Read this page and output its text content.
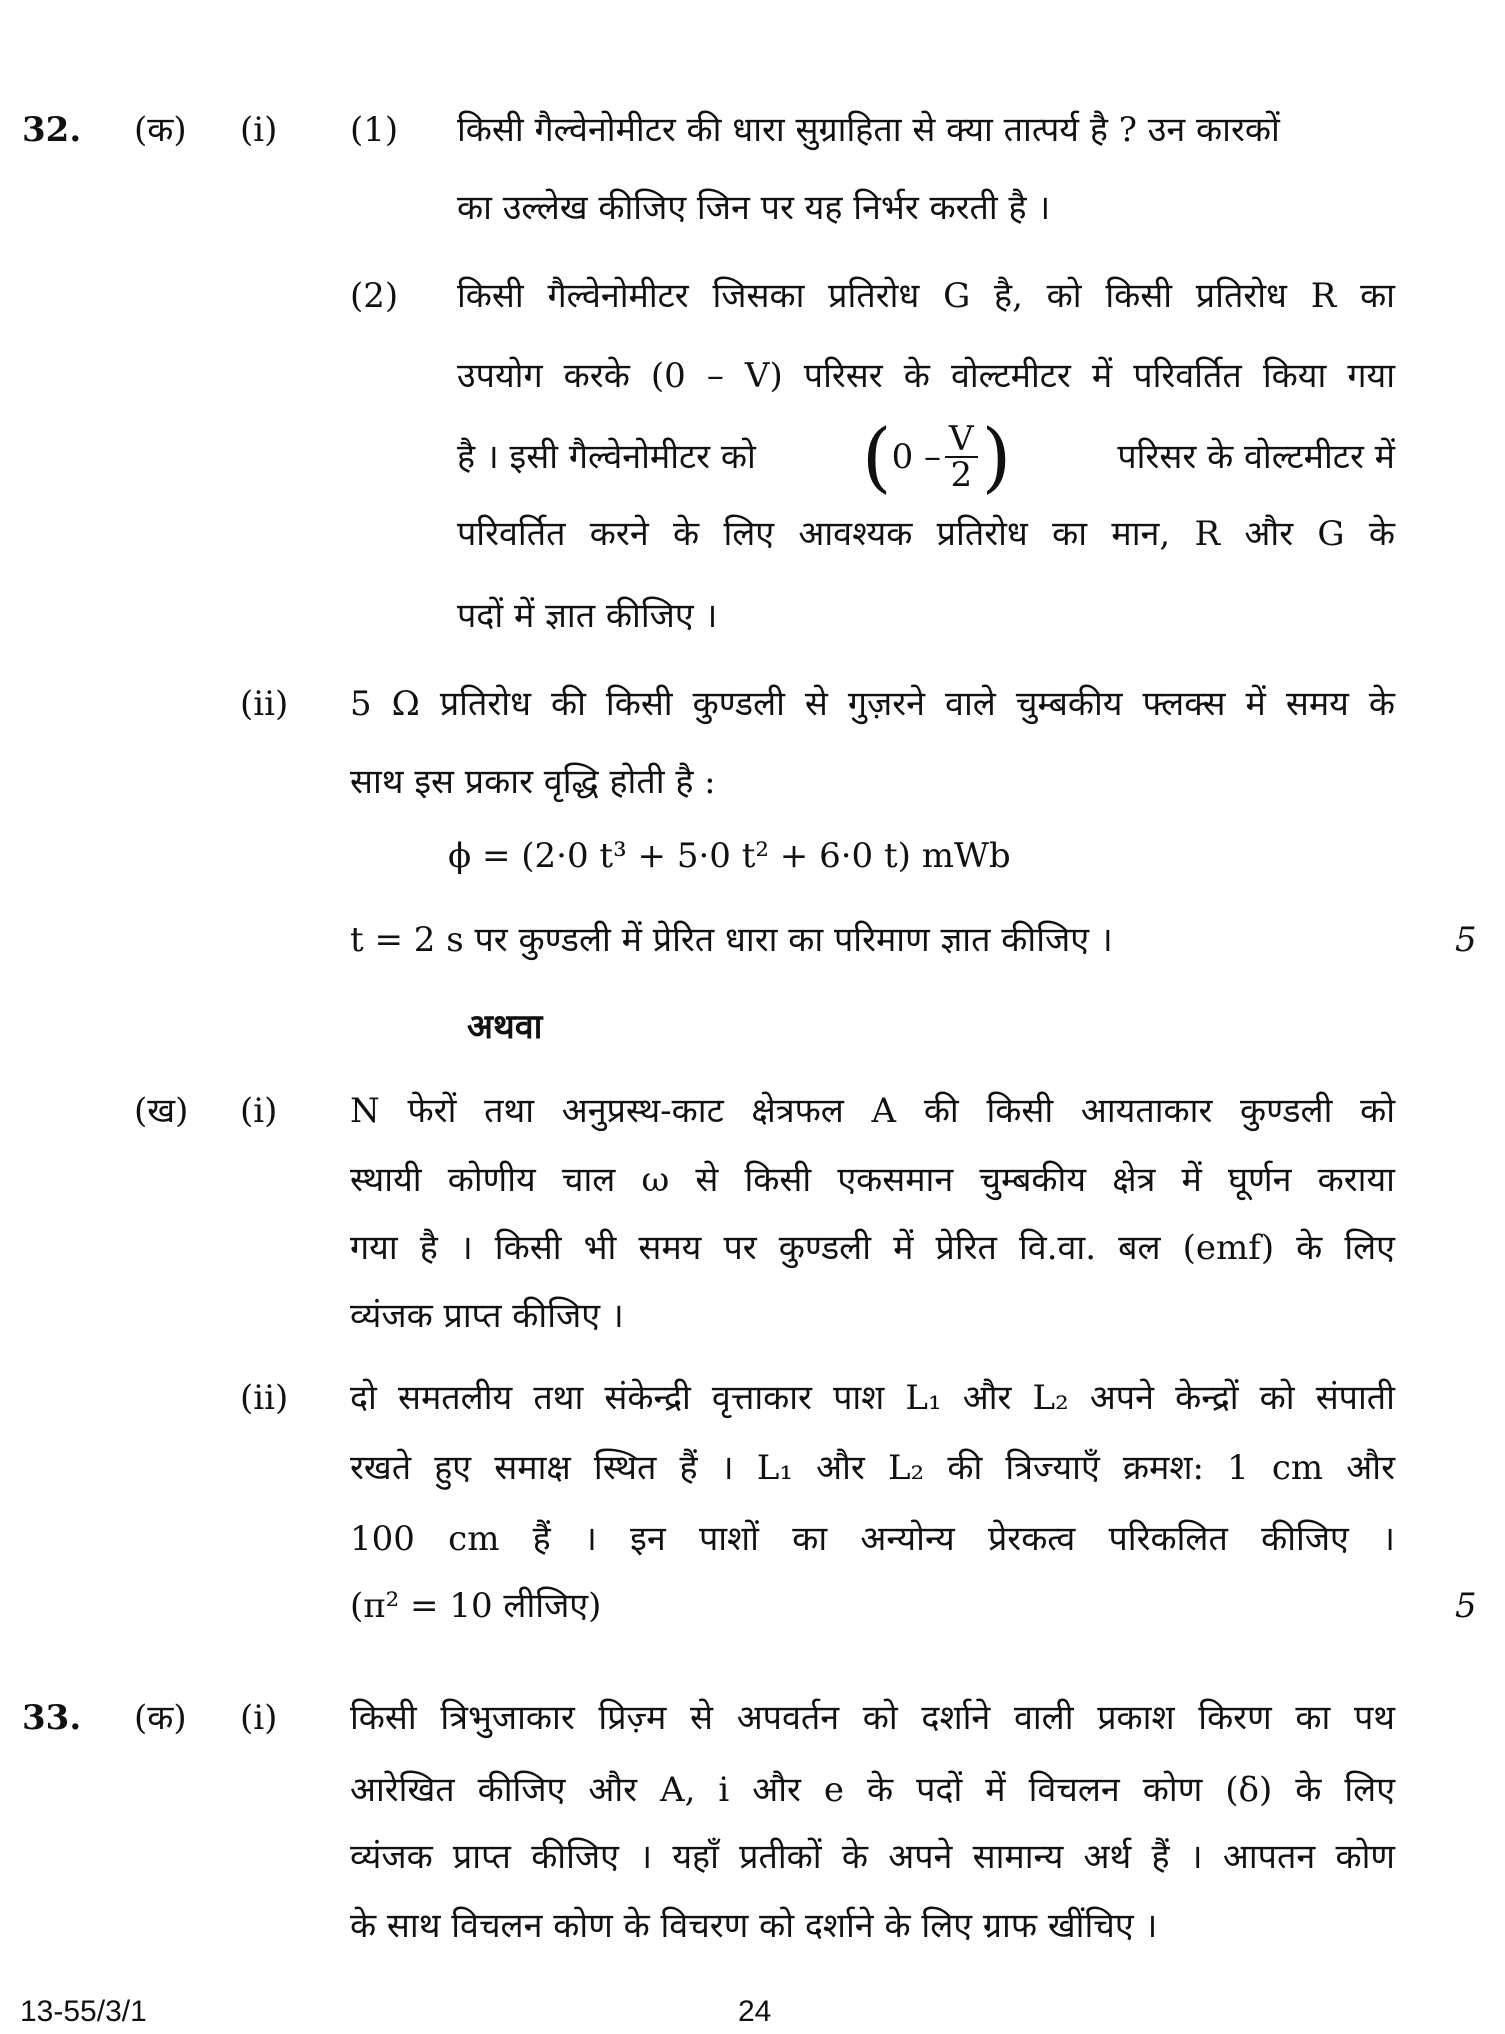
32. (क) (i) (1) किसी गैल्वेनोमीटर की धारा सुग्राहिता से क्या तात्पर्य है ? उन कारकों
का उल्लेख कीजिए जिन पर यह निर्भर करती है ।
(2) किसी गैल्वेनोमीटर जिसका प्रतिरोध G है, को किसी प्रतिरोध R का
उपयोग करके (0 – V) परिसर के वोल्टमीटर में परिवर्तित किया गया
है । इसी गैल्वेनोमीटर को ( $0 - \frac{V}{2}$ )	परिसर के वोल्टमीटर में
परिवर्तित करने के लिए आवश्यक प्रतिरोध का मान, R और G के
पदों में ज्ञात कीजिए ।
(ii) 5 Ω प्रतिरोध की किसी कुण्डली से गुज़रने वाले चुम्बकीय फ्लक्स में समय के
साथ इस प्रकार वृद्धि होती है :
ϕ = (2·0 t³ + 5·0 t² + 6·0 t) mWb
t = 2 s पर कुण्डली में प्रेरित धारा का परिमाण ज्ञात कीजिए ।	5
अथवा
(ख) (i) N फेरों तथा अनुप्रस्थ-काट क्षेत्रफल A की किसी आयताकार कुण्डली को
स्थायी कोणीय चाल ω से किसी एकसमान चुम्बकीय क्षेत्र में घूर्णन कराया
गया है । किसी भी समय पर कुण्डली में प्रेरित वि.वा. बल (emf) के लिए
व्यंजक प्राप्त कीजिए ।
(ii) दो समतलीय तथा संकेन्द्री वृत्ताकार पाश L₁ और L₂ अपने केन्द्रों को संपाती
रखते हुए समाक्ष स्थित हैं । L₁ और L₂ की त्रिज्याएँ क्रमश: 1 cm और
100 cm हैं । इन पाशों का अन्योन्य प्रेरकत्व परिकलित कीजिए ।
(π² = 10 लीजिए)	5
33. (क) (i) किसी त्रिभुजाकार प्रिज़्म से अपवर्तन को दर्शाने वाली प्रकाश किरण का पथ
आरेखित कीजिए और A, i और e के पदों में विचलन कोण (δ) के लिए
व्यंजक प्राप्त कीजिए । यहाँ प्रतीकों के अपने सामान्य अर्थ हैं । आपतन कोण
के साथ विचलन कोण के विचरण को दर्शाने के लिए ग्राफ खींचिए ।
13-55/3/1	24
